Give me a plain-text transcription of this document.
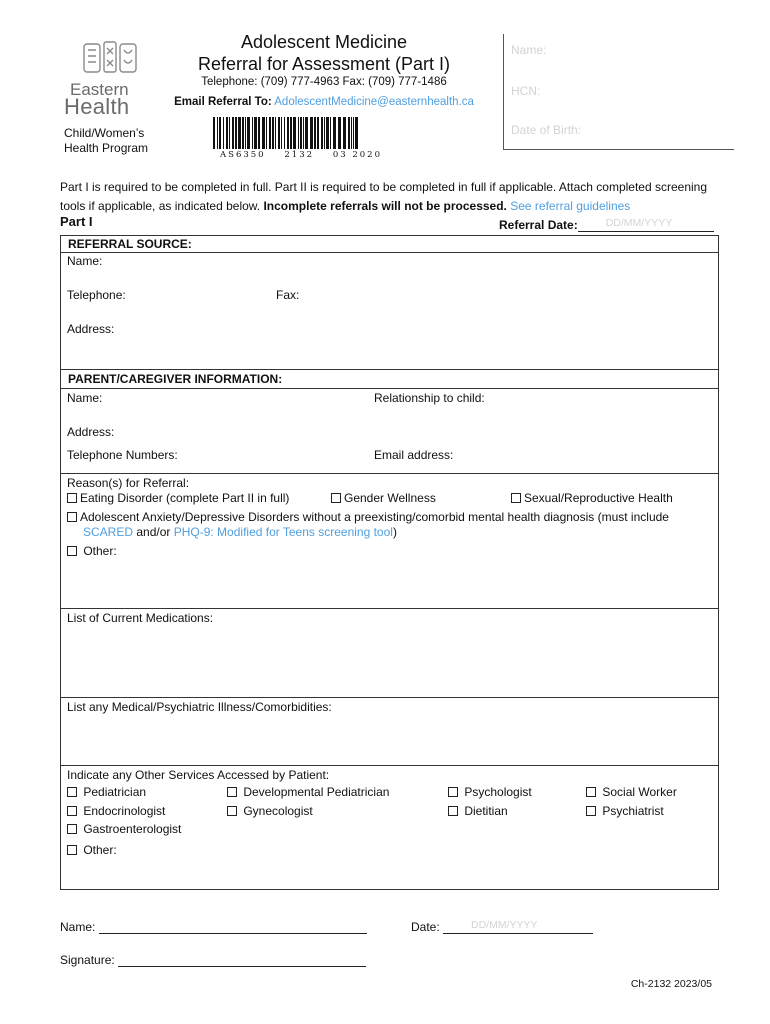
Eastern
Health
Child/Women’s
Health Program
Adolescent Medicine
Referral for Assessment (Part I)
Telephone: (709) 777-4963 Fax: (709) 777-1486
Email Referral To: AdolescentMedicine@easternhealth.ca
AS6350    2132    03 2020
Name:
HCN:
Date of Birth:
Part I is required to be completed in full. Part II is required to be completed in full if applicable. Attach completed screening tools if applicable, as indicated below. Incomplete referrals will not be processed. See referral guidelines
Part I	Referral Date:	DD/MM/YYYY
REFERRAL SOURCE:
Name:
Telephone:	Fax:
Address:
PARENT/CAREGIVER INFORMATION:
Name:	Relationship to child:
Address:
Telephone Numbers:	Email address:
Reason(s) for Referral:
Eating Disorder (complete Part II in full)	Gender Wellness	Sexual/Reproductive Health
Adolescent Anxiety/Depressive Disorders without a preexisting/comorbid mental health diagnosis (must include
SCARED and/or PHQ-9: Modified for Teens screening tool)
Other:
List of Current Medications:
List any Medical/Psychiatric Illness/Comorbidities:
Indicate any Other Services Accessed by Patient:
Pediatrician	Developmental Pediatrician	Psychologist	Social Worker
Endocrinologist	Gynecologist	Dietitian	Psychiatrist
Gastroenterologist
Other:
Name:	Date:	DD/MM/YYYY
Signature:
Ch-2132 2023/05
